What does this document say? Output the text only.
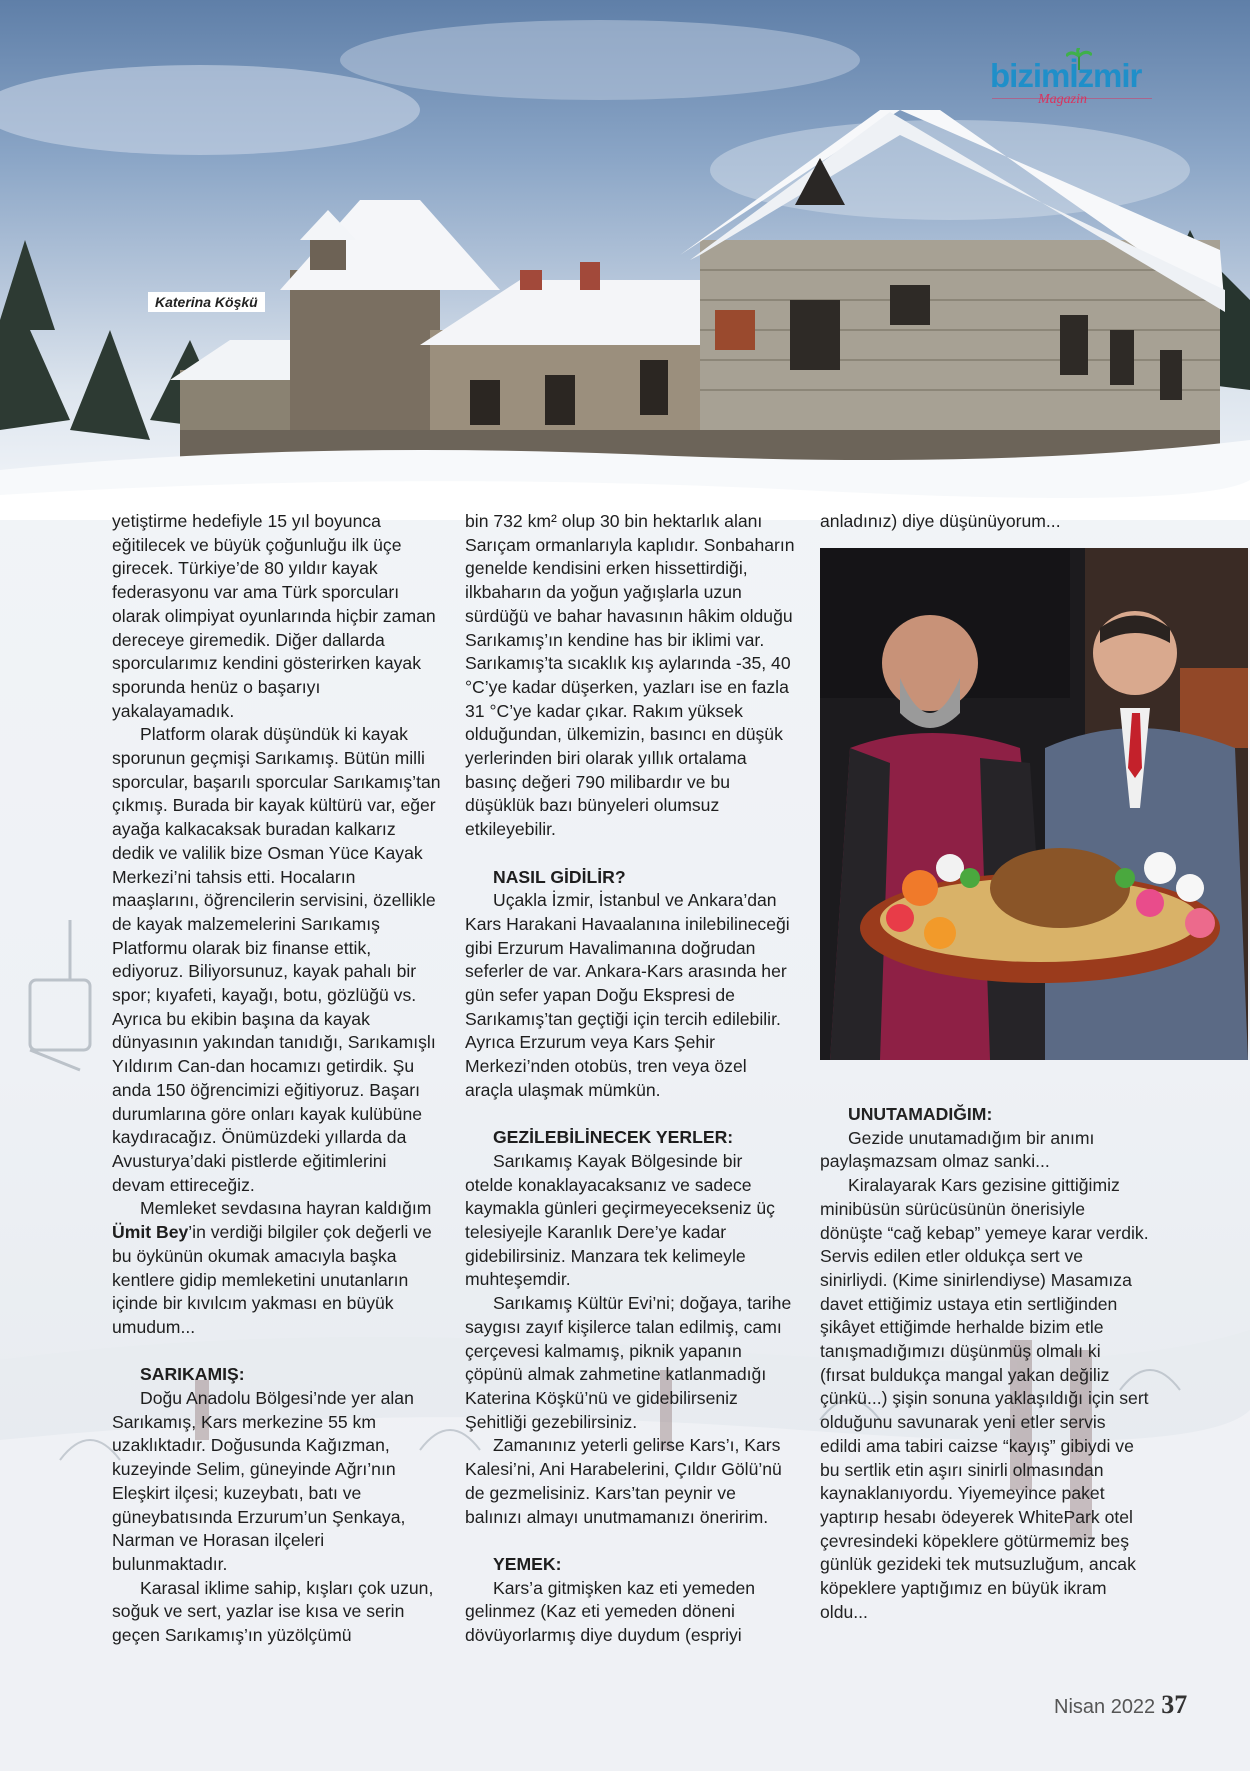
Katerina Köşkü
bizimİzmir
Magazin

yetiştirme hedefiyle 15 yıl boyunca eğitilecek ve büyük çoğunluğu ilk üçe girecek. Türkiye’de 80 yıldır kayak federasyonu var ama Türk sporcuları olarak olimpiyat oyunlarında hiçbir zaman dereceye giremedik. Diğer dallarda sporcularımız kendini gösterirken kayak sporunda henüz o başarıyı yakalayamadık.

Platform olarak düşündük ki kayak sporunun geçmişi Sarıkamış. Bütün milli sporcular, başarılı sporcular Sarıkamış’tan çıkmış. Burada bir kayak kültürü var, eğer ayağa kalkacaksak buradan kalkarız dedik ve valilik bize Osman Yüce Kayak Merkezi’ni tahsis etti. Hocaların maaşlarını, öğrencilerin servisini, özellikle de kayak malzemelerini Sarıkamış Platformu olarak biz finanse ettik, ediyoruz. Biliyorsunuz, kayak pahalı bir spor; kıyafeti, kayağı, botu, gözlüğü vs. Ayrıca bu ekibin başına da kayak dünyasının yakından tanıdığı, Sarıkamışlı Yıldırım Can-dan hocamızı getirdik. Şu anda 150 öğrencimizi eğitiyoruz. Başarı durumlarına göre onları kayak kulübüne kaydıracağız. Önümüzdeki yıllarda da Avusturya’daki pistlerde eğitimlerini devam ettireceğiz.

Memleket sevdasına hayran kaldığım Ümit Bey’in verdiği bilgiler çok değerli ve bu öykünün okumak amacıyla başka kentlere gidip memleketini unutanların içinde bir kıvılcım yakması en büyük umudum...

SARIKAMIŞ:

Doğu Anadolu Bölgesi’nde yer alan Sarıkamış, Kars merkezine 55 km uzaklıktadır. Doğusunda Kağızman, kuzeyinde Selim, güneyinde Ağrı’nın Eleşkirt ilçesi; kuzeybatı, batı ve güneybatısında Erzurum’un Şenkaya, Narman ve Horasan ilçeleri bulunmaktadır.

Karasal iklime sahip, kışları çok uzun, soğuk ve sert, yazlar ise kısa ve serin geçen Sarıkamış’ın yüzölçümü

bin 732 km² olup 30 bin hektarlık alanı Sarıçam ormanlarıyla kaplıdır. Sonbaharın genelde kendisini erken hissettirdiği, ilkbaharın da yoğun yağışlarla uzun sürdüğü ve bahar havasının hâkim olduğu Sarıkamış’ın kendine has bir iklimi var. Sarıkamış’ta sıcaklık kış aylarında -35, 40 °C’ye kadar düşerken, yazları ise en fazla 31 °C’ye kadar çıkar. Rakım yüksek olduğundan, ülkemizin, basıncı en düşük yerlerinden biri olarak yıllık ortalama basınç değeri 790 milibardır ve bu düşüklük bazı bünyeleri olumsuz etkileyebilir.

NASIL GİDİLİR?

Uçakla İzmir, İstanbul ve Ankara’dan Kars Harakani Havaalanına inilebilineceği gibi Erzurum Havalimanına doğrudan seferler de var. Ankara-Kars arasında her gün sefer yapan Doğu Ekspresi de Sarıkamış’tan geçtiği için tercih edilebilir. Ayrıca Erzurum veya Kars Şehir Merkezi’nden otobüs, tren veya özel araçla ulaşmak mümkün.

GEZİLEBİLİNECEK YERLER:

Sarıkamış Kayak Bölgesinde bir otelde konaklayacaksanız ve sadece kaymakla günleri geçirmeyecekseniz üç telesiyejle Karanlık Dere’ye kadar gidebilirsiniz. Manzara tek kelimeyle muhteşemdir.

Sarıkamış Kültür Evi’ni; doğaya, tarihe saygısı zayıf kişilerce talan edilmiş, camı çerçevesi kalmamış, piknik yapanın çöpünü almak zahmetine katlanmadığı Katerina Köşkü’nü ve gidebilirseniz Şehitliği gezebilirsiniz.

Zamanınız yeterli gelirse Kars’ı, Kars Kalesi’ni, Ani Harabelerini, Çıldır Gölü’nü de gezmelisiniz. Kars’tan peynir ve balınızı almayı unutmamanızı öneririm.

YEMEK:

Kars’a gitmişken kaz eti yemeden gelinmez (Kaz eti yemeden döneni dövüyorlarmış diye duydum (espriyi

anladınız) diye düşünüyorum...

UNUTAMADIĞIM:

Gezide unutamadığım bir anımı paylaşmazsam olmaz sanki...

Kiralayarak Kars gezisine gittiğimiz minibüsün sürücüsünün önerisiyle dönüşte “cağ kebap” yemeye karar verdik. Servis edilen etler oldukça sert ve sinirliydi. (Kime sinirlendiyse) Masamıza davet ettiğimiz ustaya etin sertliğinden şikâyet ettiğimde herhalde bizim etle tanışmadığımızı düşünmüş olmalı ki (fırsat buldukça mangal yakan değiliz çünkü...) şişin sonuna yaklaşıldığı için sert olduğunu savunarak yeni etler servis edildi ama tabiri caizse “kayış” gibiydi ve bu sertlik etin aşırı sinirli olmasından kaynaklanıyordu. Yiyemeyince paket yaptırıp hesabı ödeyerek WhitePark otel çevresindeki köpeklere götürmemiz beş günlük gezideki tek mutsuzluğum, ancak köpeklere yaptığımız en büyük ikram oldu...

Nisan 2022 37
